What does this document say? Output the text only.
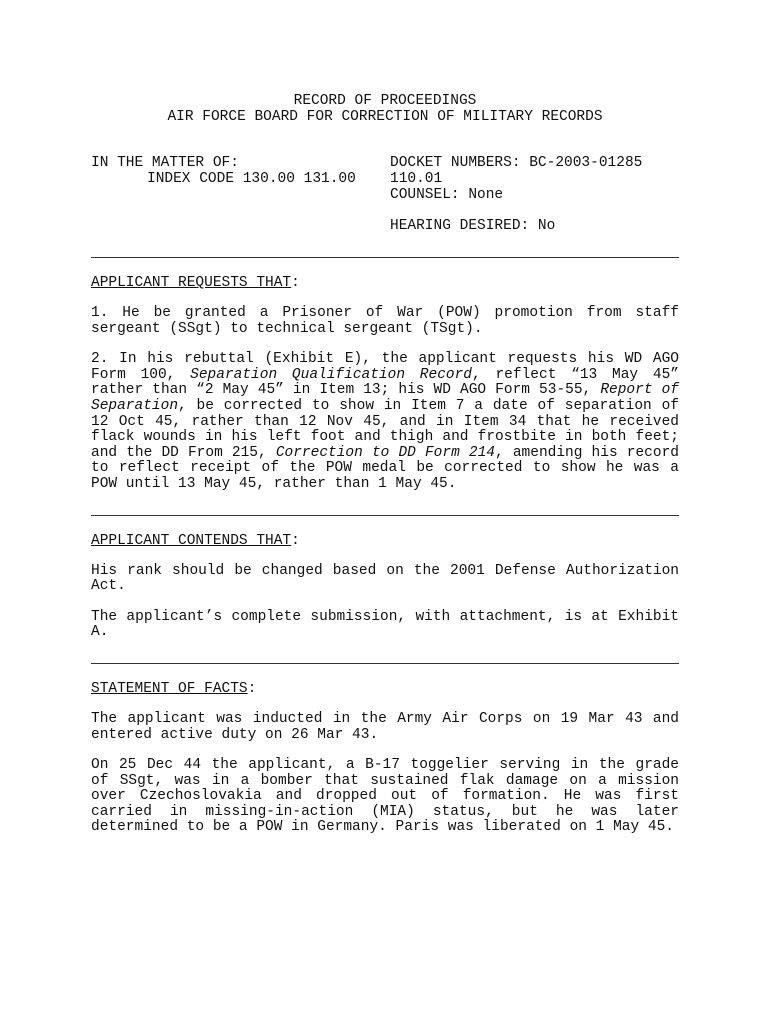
RECORD OF PROCEEDINGS
AIR FORCE BOARD FOR CORRECTION OF MILITARY RECORDS
IN THE MATTER OF:
INDEX CODE 130.00 131.00
DOCKET NUMBERS: BC-2003-01285
110.01
COUNSEL: None
HEARING DESIRED: No
APPLICANT REQUESTS THAT:

1. He be granted a Prisoner of War (POW) promotion from staff sergeant (SSgt) to technical sergeant (TSgt).

2. In his rebuttal (Exhibit E), the applicant requests his WD AGO Form 100, Separation Qualification Record, reflect “13 May 45” rather than “2 May 45” in Item 13; his WD AGO Form 53-55, Report of Separation, be corrected to show in Item 7 a date of separation of 12 Oct 45, rather than 12 Nov 45, and in Item 34 that he received flack wounds in his left foot and thigh and frostbite in both feet; and the DD From 215, Correction to DD Form 214, amending his record to reflect receipt of the POW medal be corrected to show he was a POW until 13 May 45, rather than 1 May 45.

APPLICANT CONTENDS THAT:

His rank should be changed based on the 2001 Defense Authorization Act.

The applicant’s complete submission, with attachment, is at Exhibit A.

STATEMENT OF FACTS:

The applicant was inducted in the Army Air Corps on 19 Mar 43 and entered active duty on 26 Mar 43.

On 25 Dec 44 the applicant, a B-17 toggelier serving in the grade of SSgt, was in a bomber that sustained flak damage on a mission over Czechoslovakia and dropped out of formation. He was first carried in missing-in-action (MIA) status, but he was later determined to be a POW in Germany. Paris was liberated on 1 May 45.
